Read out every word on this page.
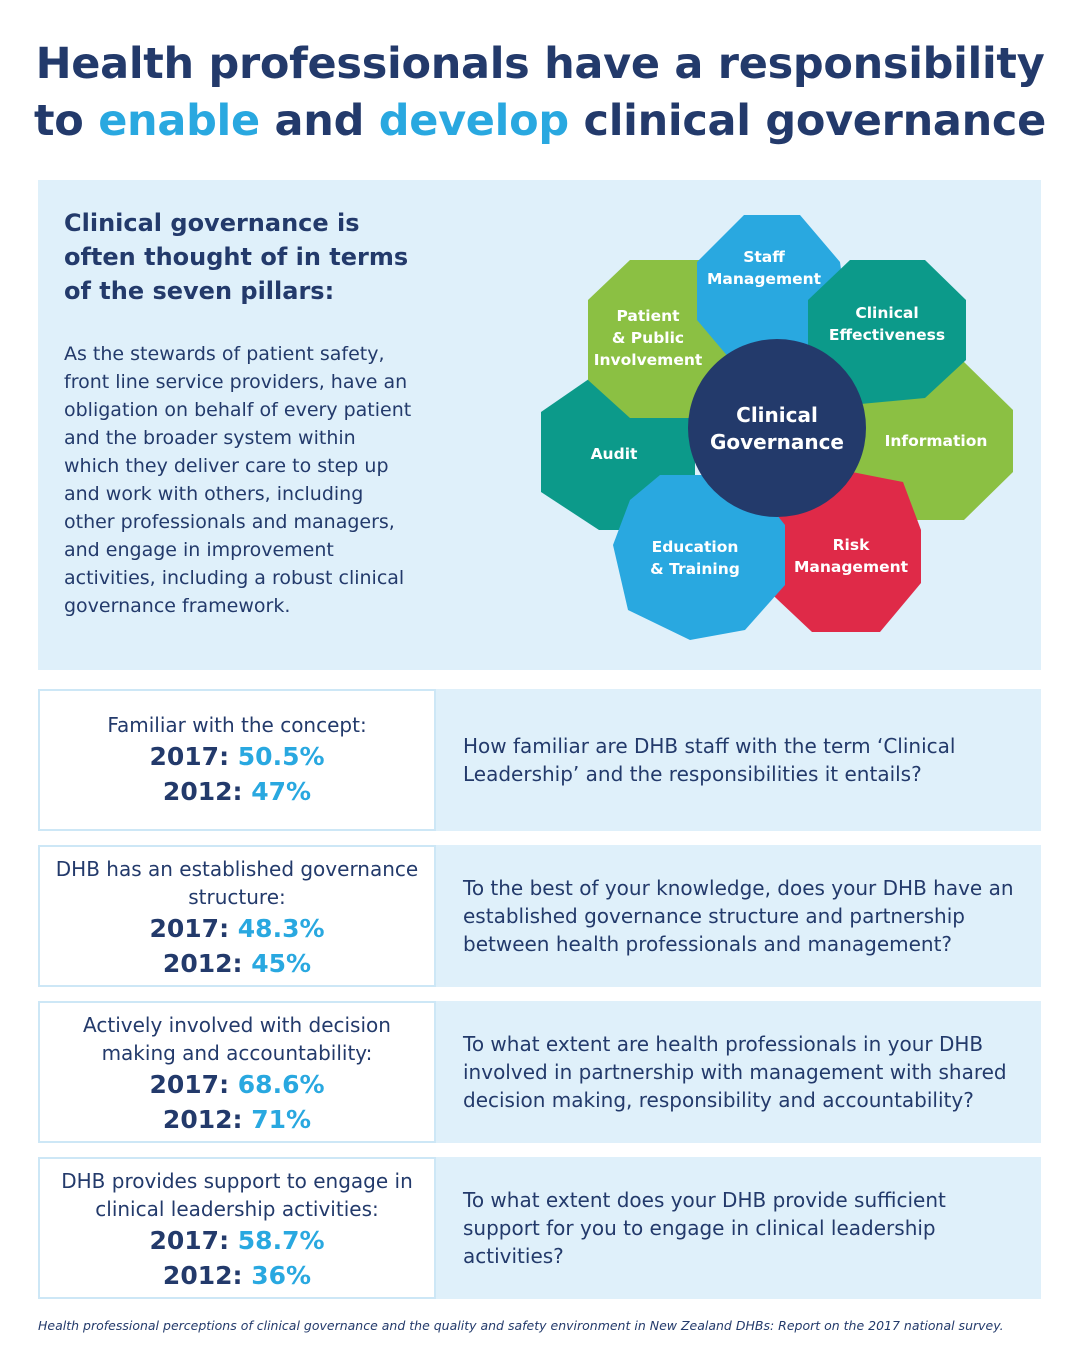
Health professionals have a responsibility
to enable and develop clinical governance
Clinical governance is often thought of in terms of the seven pillars:
As the stewards of patient safety, front line service providers, have an obligation on behalf of every patient and the broader system within which they deliver care to step up and work with others, including other professionals and managers, and engage in improvement activities, including a robust clinical governance framework.
Clinical
Governance
Staff
Management
Clinical
Effectiveness
Information
Risk
Management
Education
& Training
Audit
Patient
& Public
Involvement
Familiar with the concept:
2017: 50.5%
2012: 47%
How familiar are DHB staff with the term ‘Clinical Leadership’ and the responsibilities it entails?
DHB has an established governance structure:
2017: 48.3%
2012: 45%
To the best of your knowledge, does your DHB have an established governance structure and partnership between health professionals and management?
Actively involved with decision making and accountability:
2017: 68.6%
2012: 71%
To what extent are health professionals in your DHB involved in partnership with management with shared decision making, responsibility and accountability?
DHB provides support to engage in clinical leadership activities:
2017: 58.7%
2012: 36%
To what extent does your DHB provide sufficient support for you to engage in clinical leadership activities?
Health professional perceptions of clinical governance and the quality and safety environment in New Zealand DHBs: Report on the 2017 national survey.
